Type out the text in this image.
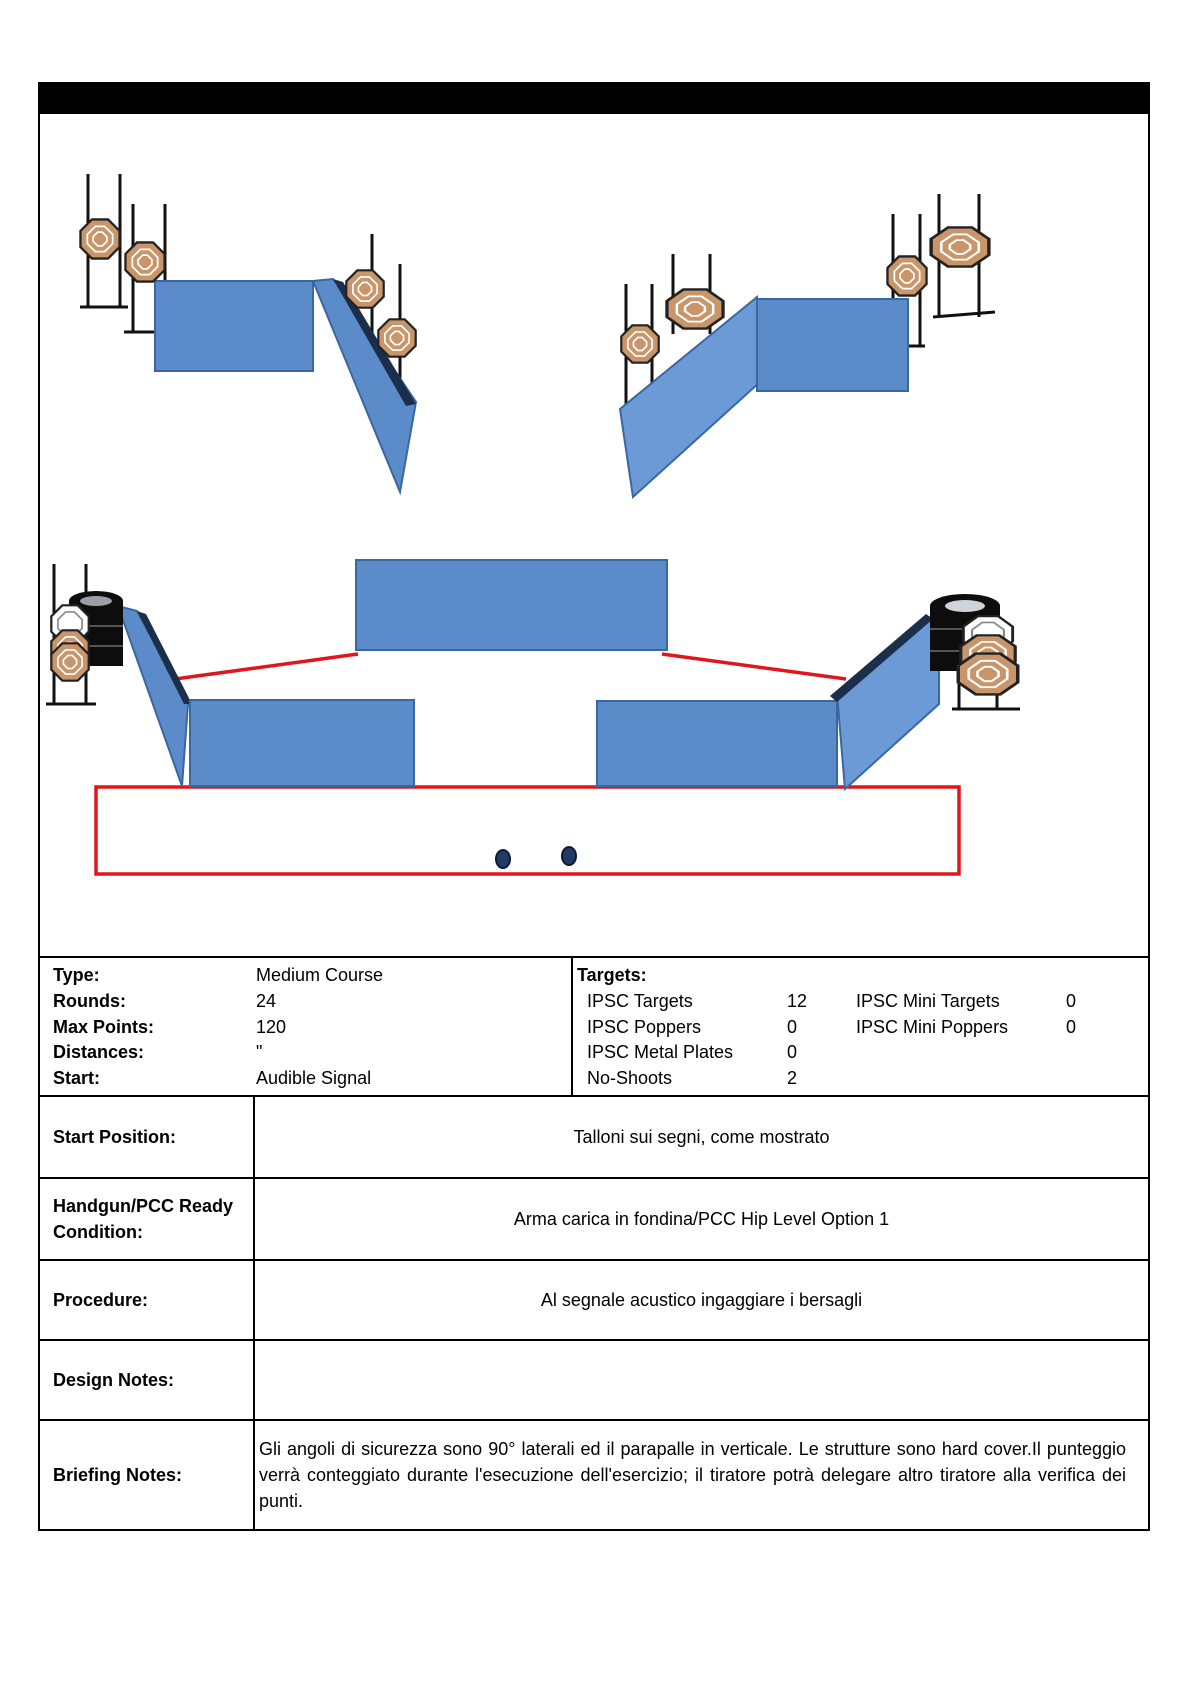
Type:	Medium Course
Rounds:	24
Max Points:	120
Distances:	"
Start:	Audible Signal
Targets:
IPSC Targets	12
IPSC Poppers	0
IPSC Metal Plates	0
No-Shoots	2
IPSC Mini Targets	0
IPSC Mini Poppers	0
Start Position:	Talloni sui segni, come mostrato
Handgun/PCC Ready Condition:
Arma carica in fondina/PCC Hip Level Option 1
Procedure:	Al segnale acustico ingaggiare i bersagli
Design Notes:
Briefing Notes:
Gli angoli di sicurezza sono 90° laterali ed il parapalle in verticale. Le strutture sono hard cover.Il punteggio verrà conteggiato durante l'esecuzione dell'esercizio; il tiratore potrà delegare altro tiratore alla verifica dei punti.
